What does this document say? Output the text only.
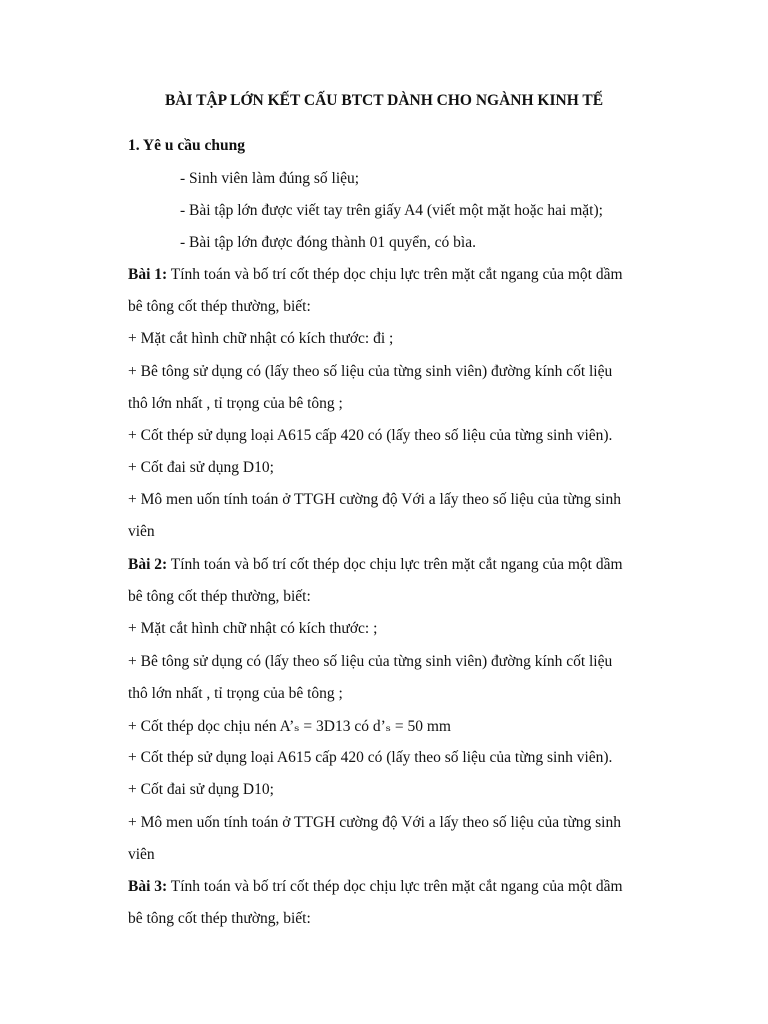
BÀI TẬP LỚN KẾT CẤU BTCT DÀNH CHO NGÀNH KINH TẾ
1. Yê u cầu chung
- Sinh viên làm đúng số liệu;
- Bài tập lớn được viết tay trên giấy A4 (viết một mặt hoặc hai mặt);
- Bài tập lớn được đóng thành 01 quyển, có bìa.
Bài 1: Tính toán và bố trí cốt thép dọc chịu lực trên mặt cắt ngang của một dầm
bê tông cốt thép thường, biết:
+ Mặt cắt hình chữ nhật có kích thước: đi ;
+ Bê tông sử dụng có (lấy theo số liệu của từng sinh viên) đường kính cốt liệu
thô lớn nhất , tỉ trọng của bê tông ;
+ Cốt thép sử dụng loại A615 cấp 420 có (lấy theo số liệu của từng sinh viên).
+ Cốt đai sử dụng D10;
+ Mô men uốn tính toán ở TTGH cường độ Với a lấy theo số liệu của từng sinh
viên
Bài 2: Tính toán và bố trí cốt thép dọc chịu lực trên mặt cắt ngang của một dầm
bê tông cốt thép thường, biết:
+ Mặt cắt hình chữ nhật có kích thước: ;
+ Bê tông sử dụng có (lấy theo số liệu của từng sinh viên) đường kính cốt liệu
thô lớn nhất , tỉ trọng của bê tông ;
+ Cốt thép dọc chịu nén A’ₛ = 3D13 có d’ₛ = 50 mm
+ Cốt thép sử dụng loại A615 cấp 420 có (lấy theo số liệu của từng sinh viên).
+ Cốt đai sử dụng D10;
+ Mô men uốn tính toán ở TTGH cường độ Với a lấy theo số liệu của từng sinh
viên
Bài 3: Tính toán và bố trí cốt thép dọc chịu lực trên mặt cắt ngang của một dầm
bê tông cốt thép thường, biết:
